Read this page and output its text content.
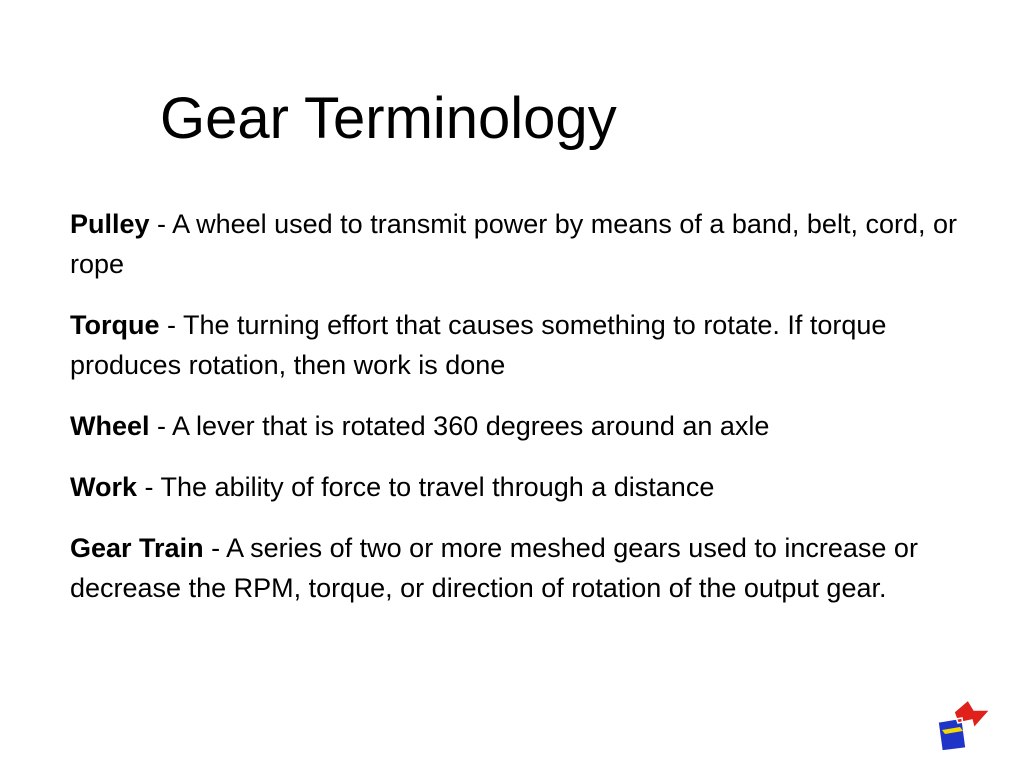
Gear Terminology

Pulley - A wheel used to transmit power by means of a band, belt, cord, or rope

Torque - The turning effort that causes something to rotate. If torque produces rotation, then work is done

Wheel - A lever that is rotated 360 degrees around an axle

Work - The ability of force to travel through a distance

Gear Train - A series of two or more meshed gears used to increase or decrease the RPM, torque, or direction of rotation of the output gear.
